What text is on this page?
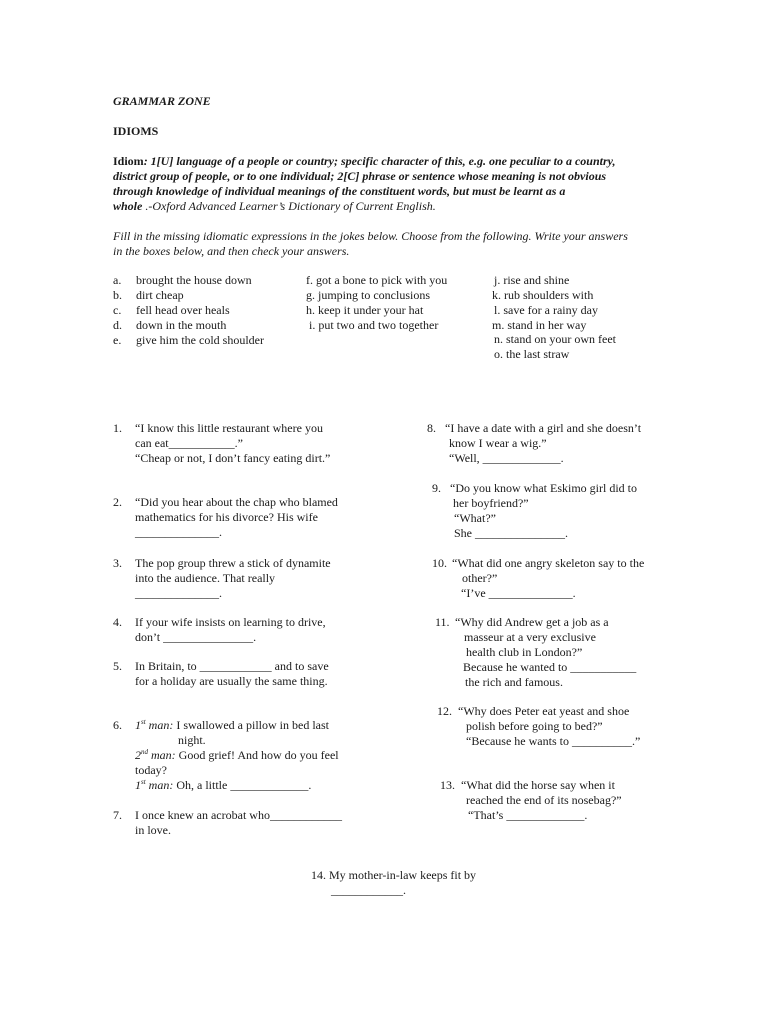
GRAMMAR ZONE
IDIOMS
Idiom: 1[U] language of a people or country; specific character of this, e.g. one peculiar to a country,
district group of people, or to one individual; 2[C] phrase or sentence whose meaning is not obvious
through knowledge of individual meanings of the constituent words, but must be learnt as a
whole .-Oxford Advanced Learner’s Dictionary of Current English.
Fill in the missing idiomatic expressions in the jokes below. Choose from the following. Write your answers
in the boxes below, and then check your answers.
a. brought the house down
b. dirt cheap
c. fell head over heals
d. down in the mouth
e. give him the cold shoulder
f. got a bone to pick with you
g. jumping to conclusions
h. keep it under your hat
i. put two and two together
j. rise and shine
k. rub shoulders with
l. save for a rainy day
m. stand in her way
n. stand on your own feet
o. the last straw
1. “I know this little restaurant where you
can eat___________.”
“Cheap or not, I don’t fancy eating dirt.”
2. “Did you hear about the chap who blamed
mathematics for his divorce? His wife
______________.
3. The pop group threw a stick of dynamite
into the audience. That really
______________.
4. If your wife insists on learning to drive,
don’t _______________.
5. In Britain, to ____________ and to save
for a holiday are usually the same thing.
6. 1st man: I swallowed a pillow in bed last
night.
2nd man: Good grief! And how do you feel
today?
1st man: Oh, a little _____________.
7. I once knew an acrobat who____________
in love.
8. “I have a date with a girl and she doesn’t
know I wear a wig.”
“Well, _____________.
9. “Do you know what Eskimo girl did to
her boyfriend?”
“What?”
She _______________.
10. “What did one angry skeleton say to the
other?”
“I’ve ______________.
11. “Why did Andrew get a job as a
masseur at a very exclusive
health club in London?”
Because he wanted to ___________
the rich and famous.
12. “Why does Peter eat yeast and shoe
polish before going to bed?”
“Because he wants to __________.”
13. “What did the horse say when it
reached the end of its nosebag?”
“That’s _____________.
14. My mother-in-law keeps fit by
____________.
